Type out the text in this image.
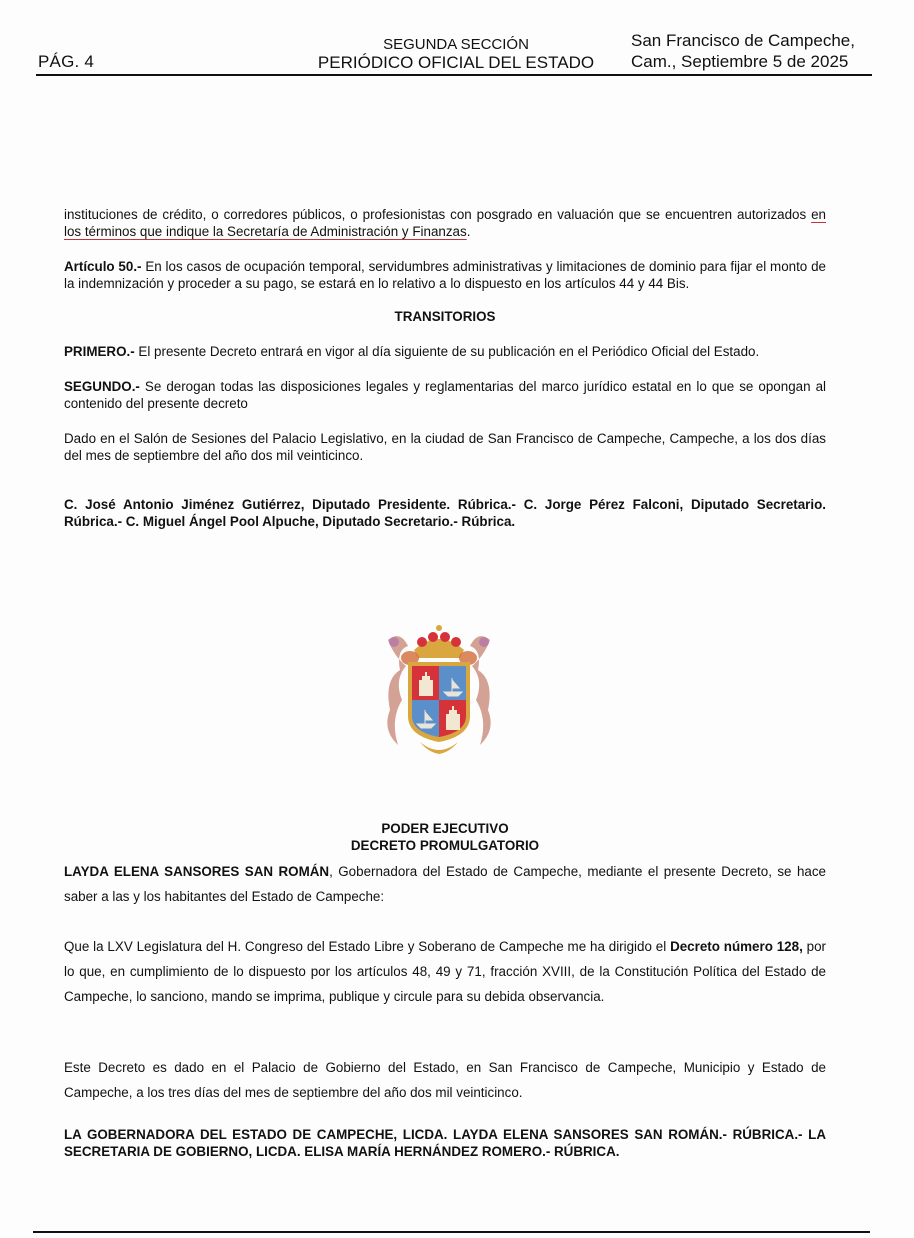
PÁG. 4
SEGUNDA SECCIÓN
PERIÓDICO OFICIAL DEL ESTADO
San Francisco de Campeche,
Cam., Septiembre 5 de 2025

instituciones de crédito, o corredores públicos, o profesionistas con posgrado en valuación que se encuentren autorizados en los términos que indique la Secretaría de Administración y Finanzas.

Artículo 50.- En los casos de ocupación temporal, servidumbres administrativas y limitaciones de dominio para fijar el monto de la indemnización y proceder a su pago, se estará en lo relativo a lo dispuesto en los artículos 44 y 44 Bis.

TRANSITORIOS

PRIMERO.- El presente Decreto entrará en vigor al día siguiente de su publicación en el Periódico Oficial del Estado.

SEGUNDO.- Se derogan todas las disposiciones legales y reglamentarias del marco jurídico estatal en lo que se opongan al contenido del presente decreto

Dado en el Salón de Sesiones del Palacio Legislativo, en la ciudad de San Francisco de Campeche, Campeche, a los dos días del mes de septiembre del año dos mil veinticinco.

C. José Antonio Jiménez Gutiérrez, Diputado Presidente. Rúbrica.- C. Jorge Pérez Falconi, Diputado Secretario. Rúbrica.- C. Miguel Ángel Pool Alpuche, Diputado Secretario.- Rúbrica.

PODER EJECUTIVO
DECRETO PROMULGATORIO

LAYDA ELENA SANSORES SAN ROMÁN, Gobernadora del Estado de Campeche, mediante el presente Decreto, se hace saber a las y los habitantes del Estado de Campeche:

Que la LXV Legislatura del H. Congreso del Estado Libre y Soberano de Campeche me ha dirigido el Decreto número 128, por lo que, en cumplimiento de lo dispuesto por los artículos 48, 49 y 71, fracción XVIII, de la Constitución Política del Estado de Campeche, lo sanciono, mando se imprima, publique y circule para su debida observancia.

Este Decreto es dado en el Palacio de Gobierno del Estado, en San Francisco de Campeche, Municipio y Estado de Campeche, a los tres días del mes de septiembre del año dos mil veinticinco.

LA GOBERNADORA DEL ESTADO DE CAMPECHE, LICDA. LAYDA ELENA SANSORES SAN ROMÁN.- RÚBRICA.- LA SECRETARIA DE GOBIERNO, LICDA. ELISA MARÍA HERNÁNDEZ ROMERO.- RÚBRICA.
